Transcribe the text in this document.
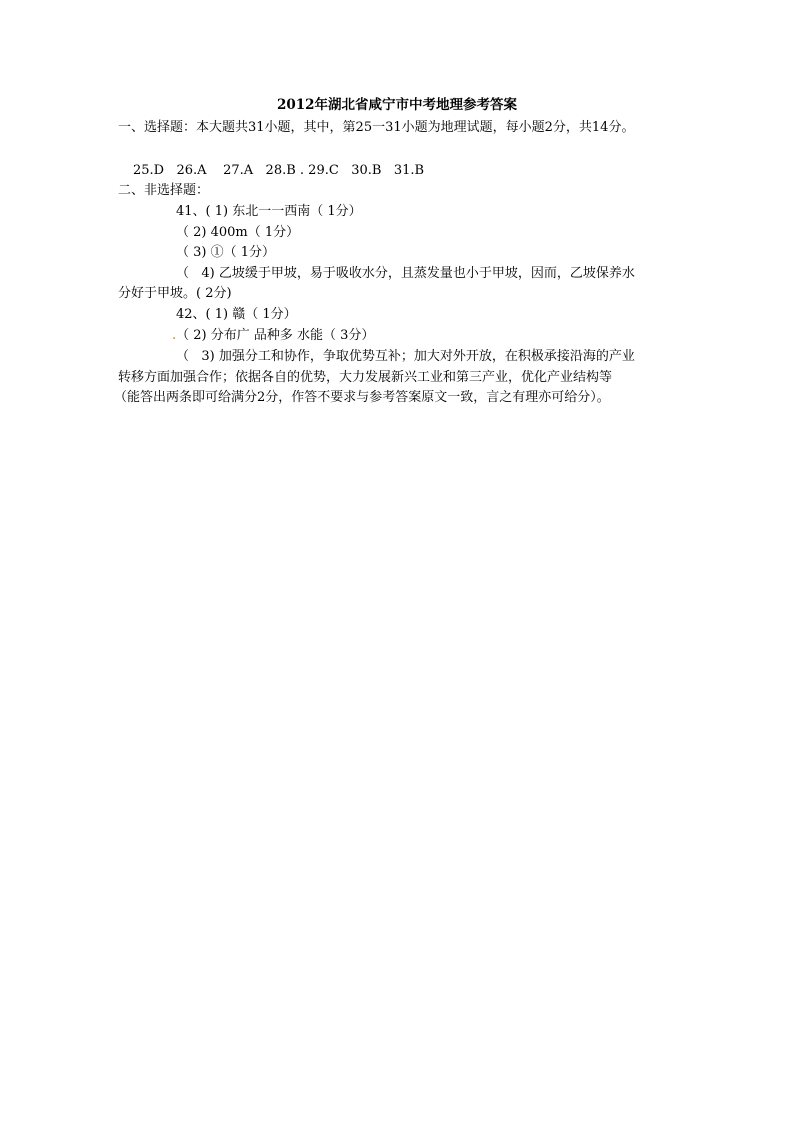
2012年湖北省咸宁市中考地理参考答案
一、选择题：本大题共31小题，其中，第25一31小题为地理试题，每小题2分，共14分。
25.D   26.A    27.A   28.B . 29.C   30.B   31.B
二、非选择题：
41、( 1) 东北一一西南（ 1分）
（ 2) 400m（ 1分）
（ 3) ①（ 1分）
（   4) 乙坡缓于甲坡，易于吸收水分，且蒸发量也小于甲坡，因而，乙坡保养水
分好于甲坡。( 2分)
42、( 1) 赣（ 1分）
.（ 2) 分布广 品种多 水能（ 3分）
（   3) 加强分工和协作，争取优势互补；加大对外开放，在积极承接沿海的产业
转移方面加强合作；依据各自的优势，大力发展新兴工业和第三产业，优化产业结构等
（能答出两条即可给满分2分，作答不要求与参考答案原文一致，言之有理亦可给分）。
